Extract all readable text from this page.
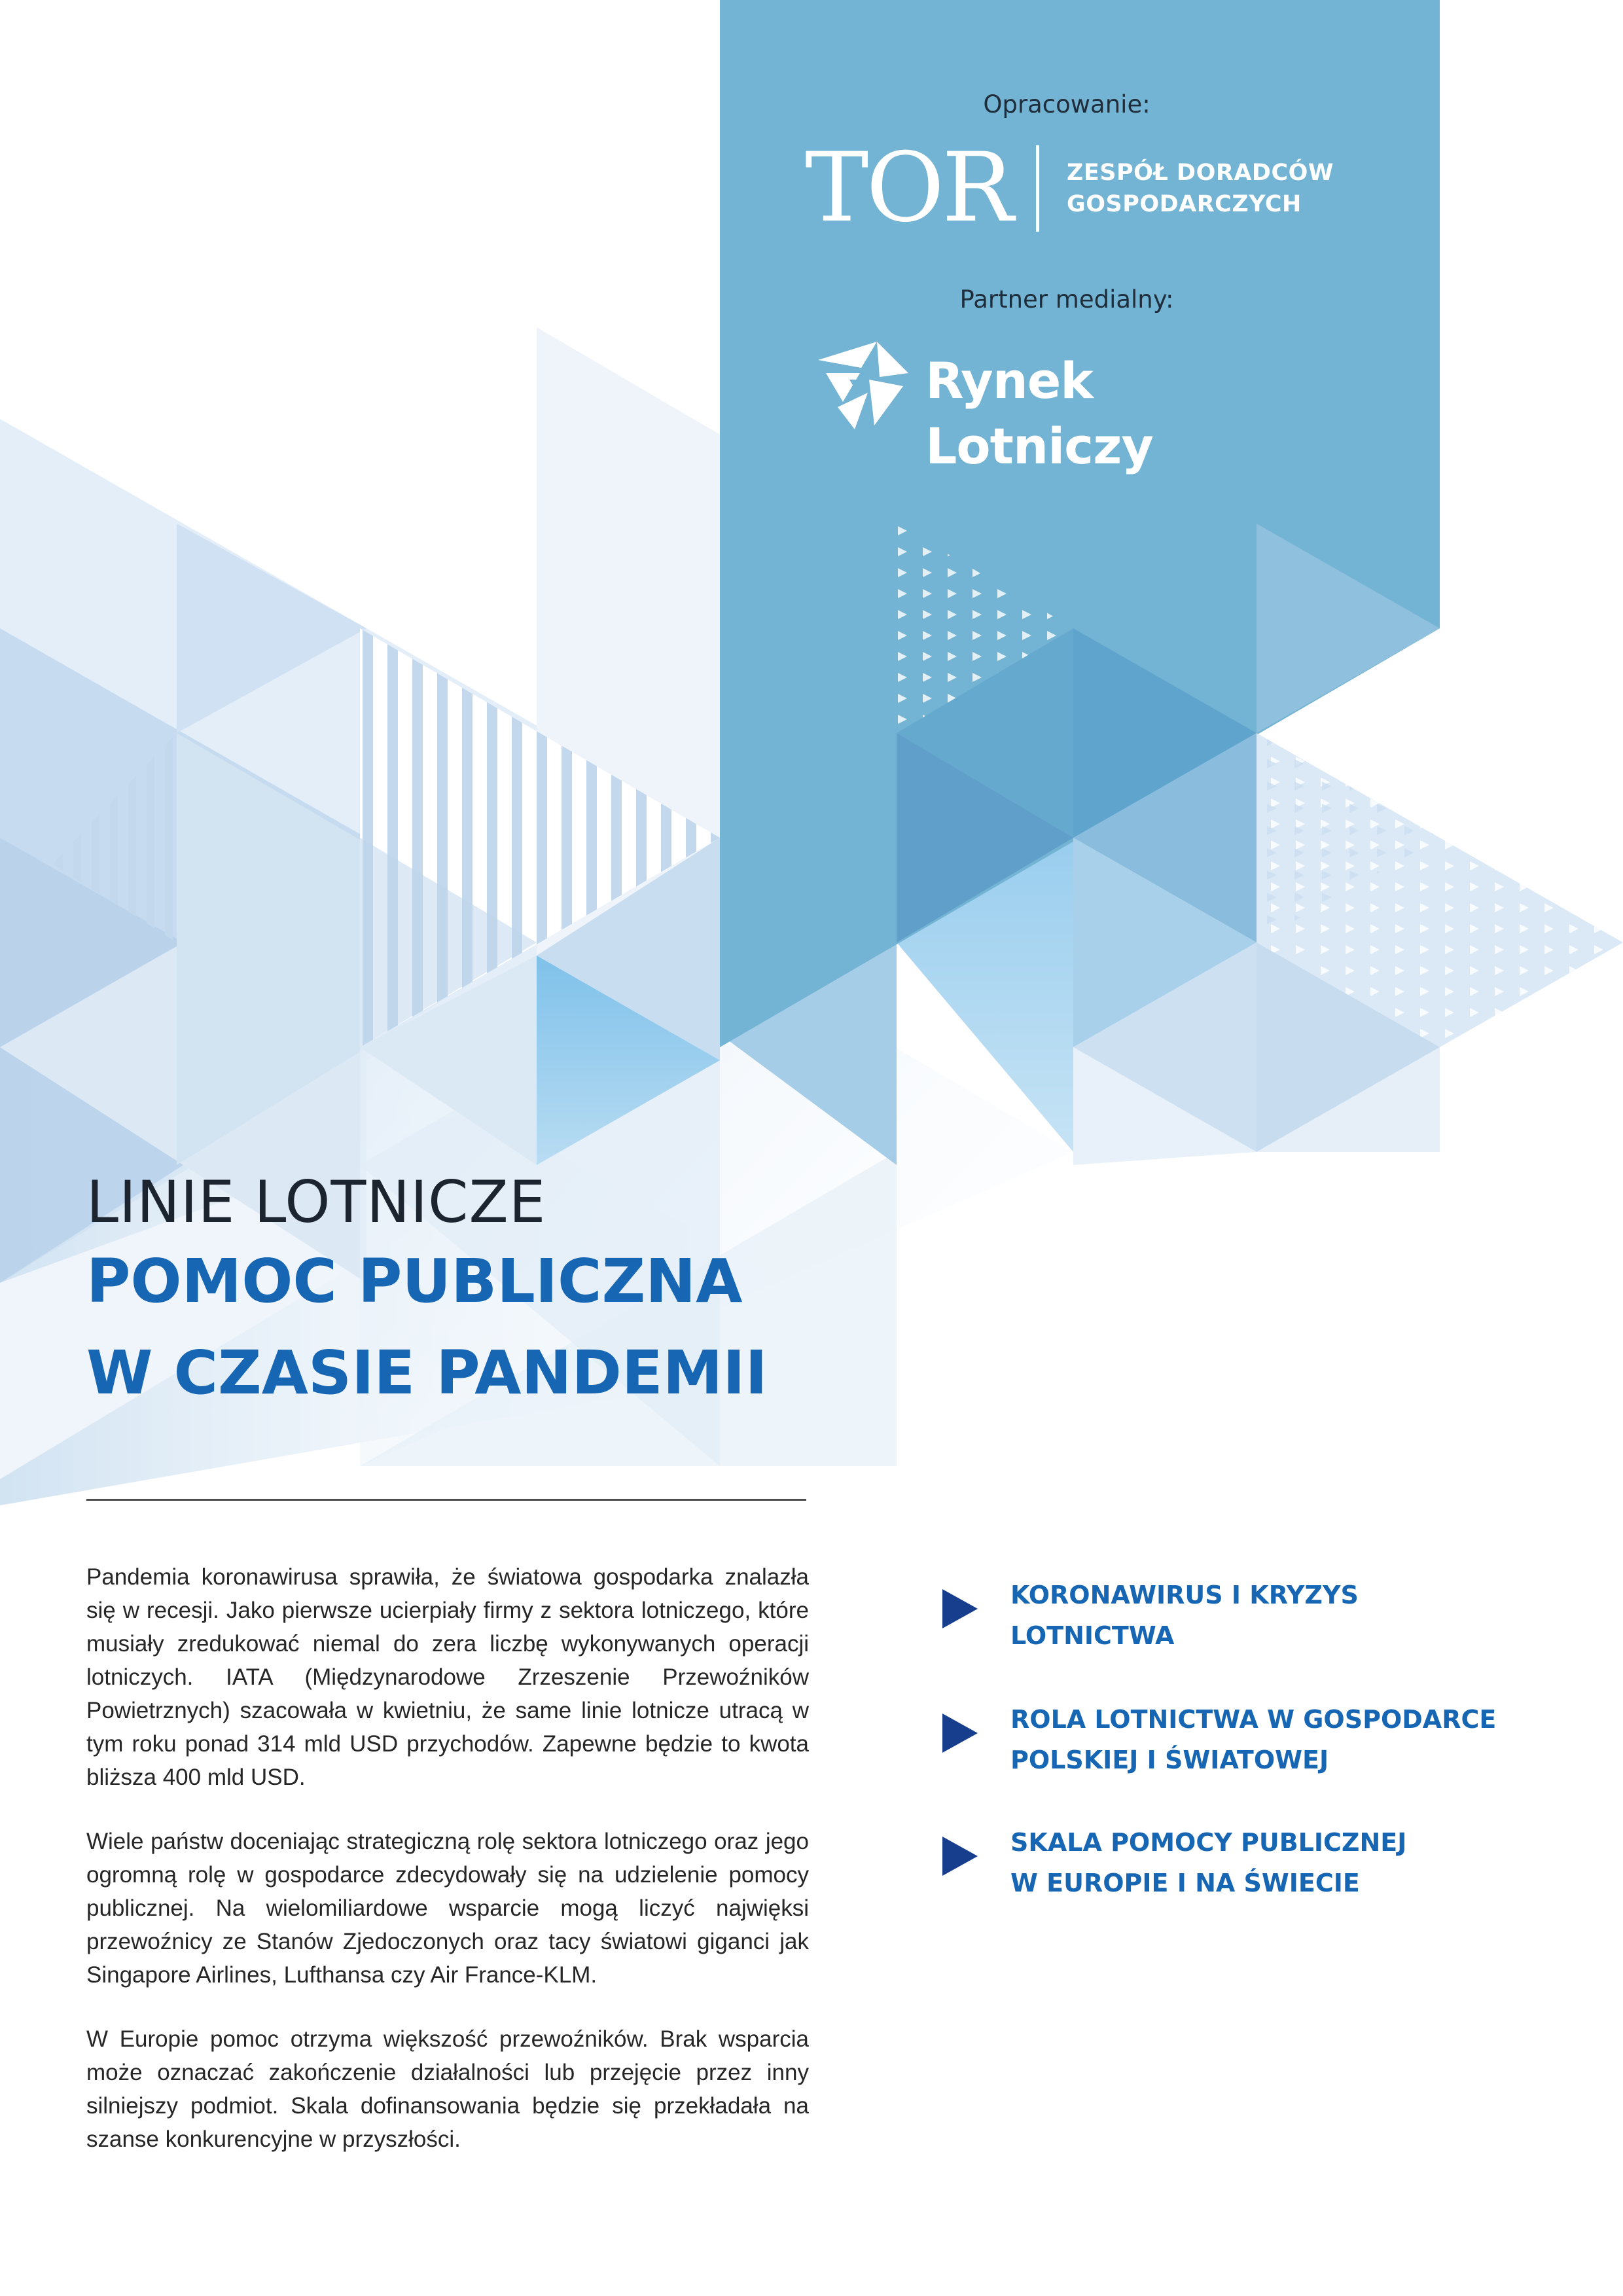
Opracowanie:
TOR ZESPÓŁ DORADCÓW
GOSPODARCZYCH
Partner medialny:
Rynek Lotniczy
LINIE LOTNICZE
POMOC PUBLICZNA
W CZASIE PANDEMII

Pandemia koronawirusa sprawiła, że światowa gospodarka znalazła się w recesji. Jako pierwsze ucierpiały firmy z sektora lotniczego, które musiały zredukować niemal do zera liczbę wykonywanych operacji lotniczych. IATA (Międzynarodowe Zrzeszenie Przewoźników Powietrznych) szacowała w kwietniu, że same linie lotnicze utracą w tym roku ponad 314 mld USD przychodów. Zapewne będzie to kwota bliższa 400 mld USD.

Wiele państw doceniając strategiczną rolę sektora lotniczego oraz jego ogromną rolę w gospodarce zdecydowały się na udzielenie pomocy publicznej. Na wielomiliardowe wsparcie mogą liczyć najwięksi przewoźnicy ze Stanów Zjedoczonych oraz tacy światowi giganci jak Singapore Airlines, Lufthansa czy Air France-KLM.

W Europie pomoc otrzyma większość przewoźników. Brak wsparcia może oznaczać zakończenie działalności lub przejęcie przez inny silniejszy podmiot. Skala dofinansowania będzie się przekładała na szanse konkurencyjne w przyszłości.

KORONAWIRUS I KRYZYS
LOTNICTWA
ROLA LOTNICTWA W GOSPODARCE
POLSKIEJ I ŚWIATOWEJ
SKALA POMOCY PUBLICZNEJ
W EUROPIE I NA ŚWIECIE
